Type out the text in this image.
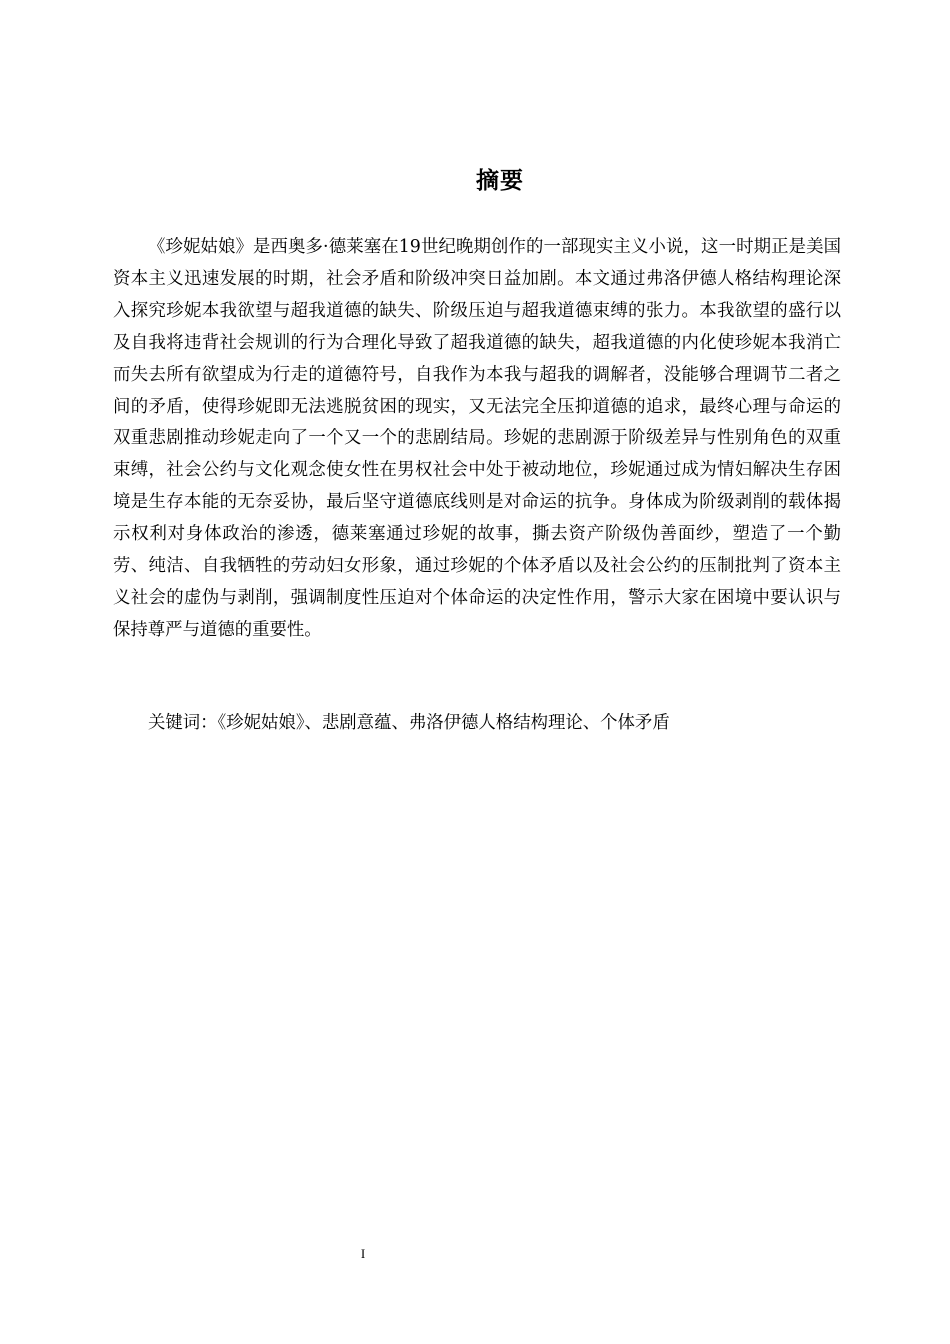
摘要

《珍妮姑娘》是西奥多·德莱塞在19世纪晚期创作的一部现实主义小说，这一时期正是美国资本主义迅速发展的时期，社会矛盾和阶级冲突日益加剧。本文通过弗洛伊德人格结构理论深入探究珍妮本我欲望与超我道德的缺失、阶级压迫与超我道德束缚的张力。本我欲望的盛行以及自我将违背社会规训的行为合理化导致了超我道德的缺失，超我道德的内化使珍妮本我消亡而失去所有欲望成为行走的道德符号，自我作为本我与超我的调解者，没能够合理调节二者之间的矛盾，使得珍妮即无法逃脱贫困的现实，又无法完全压抑道德的追求，最终心理与命运的双重悲剧推动珍妮走向了一个又一个的悲剧结局。珍妮的悲剧源于阶级差异与性别角色的双重束缚，社会公约与文化观念使女性在男权社会中处于被动地位，珍妮通过成为情妇解决生存困境是生存本能的无奈妥协，最后坚守道德底线则是对命运的抗争。身体成为阶级剥削的载体揭示权利对身体政治的渗透，德莱塞通过珍妮的故事，撕去资产阶级伪善面纱，塑造了一个勤劳、纯洁、自我牺牲的劳动妇女形象，通过珍妮的个体矛盾以及社会公约的压制批判了资本主义社会的虚伪与剥削，强调制度性压迫对个体命运的决定性作用，警示大家在困境中要认识与保持尊严与道德的重要性。

关键词：《珍妮姑娘》、悲剧意蕴、弗洛伊德人格结构理论、个体矛盾

I
